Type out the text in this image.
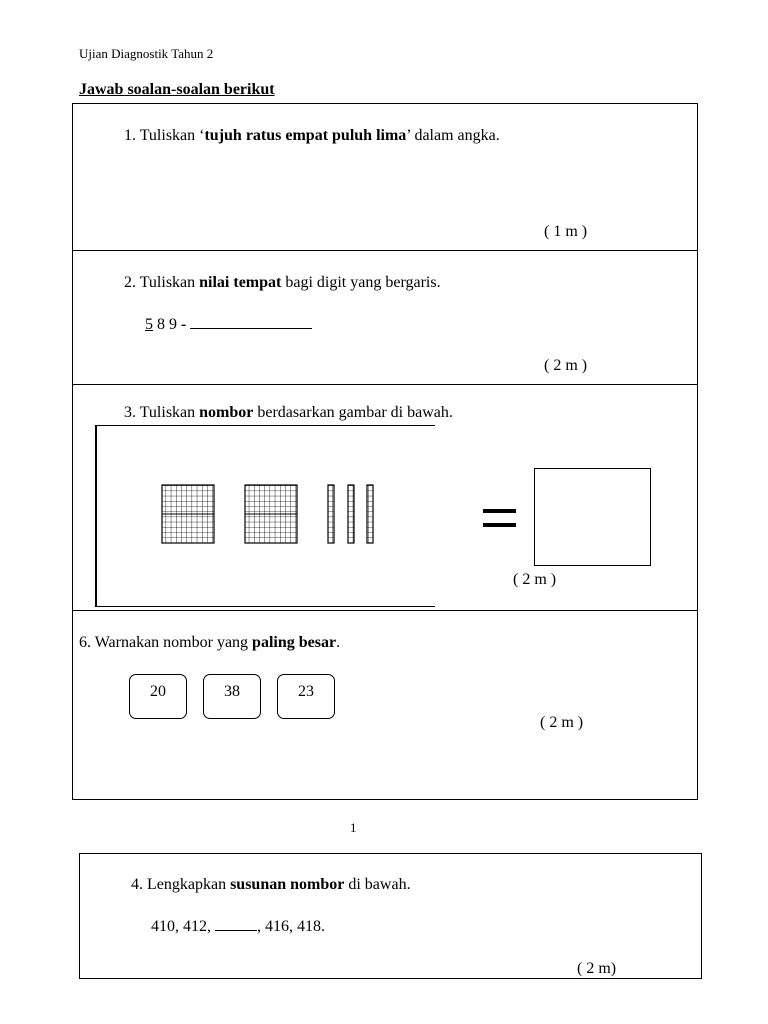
Ujian Diagnostik Tahun 2
Jawab soalan-soalan berikut
1. Tuliskan ‘tujuh ratus empat puluh lima’ dalam angka.
( 1 m )
2. Tuliskan nilai tempat bagi digit yang bergaris.
5 8 9 -
( 2 m )
3. Tuliskan nombor berdasarkan gambar di bawah.
( 2 m )
6. Warnakan nombor yang paling besar.
20	38	23
( 2 m )
1
4. Lengkapkan susunan nombor di bawah.
410, 412,	, 416, 418.
( 2 m)
